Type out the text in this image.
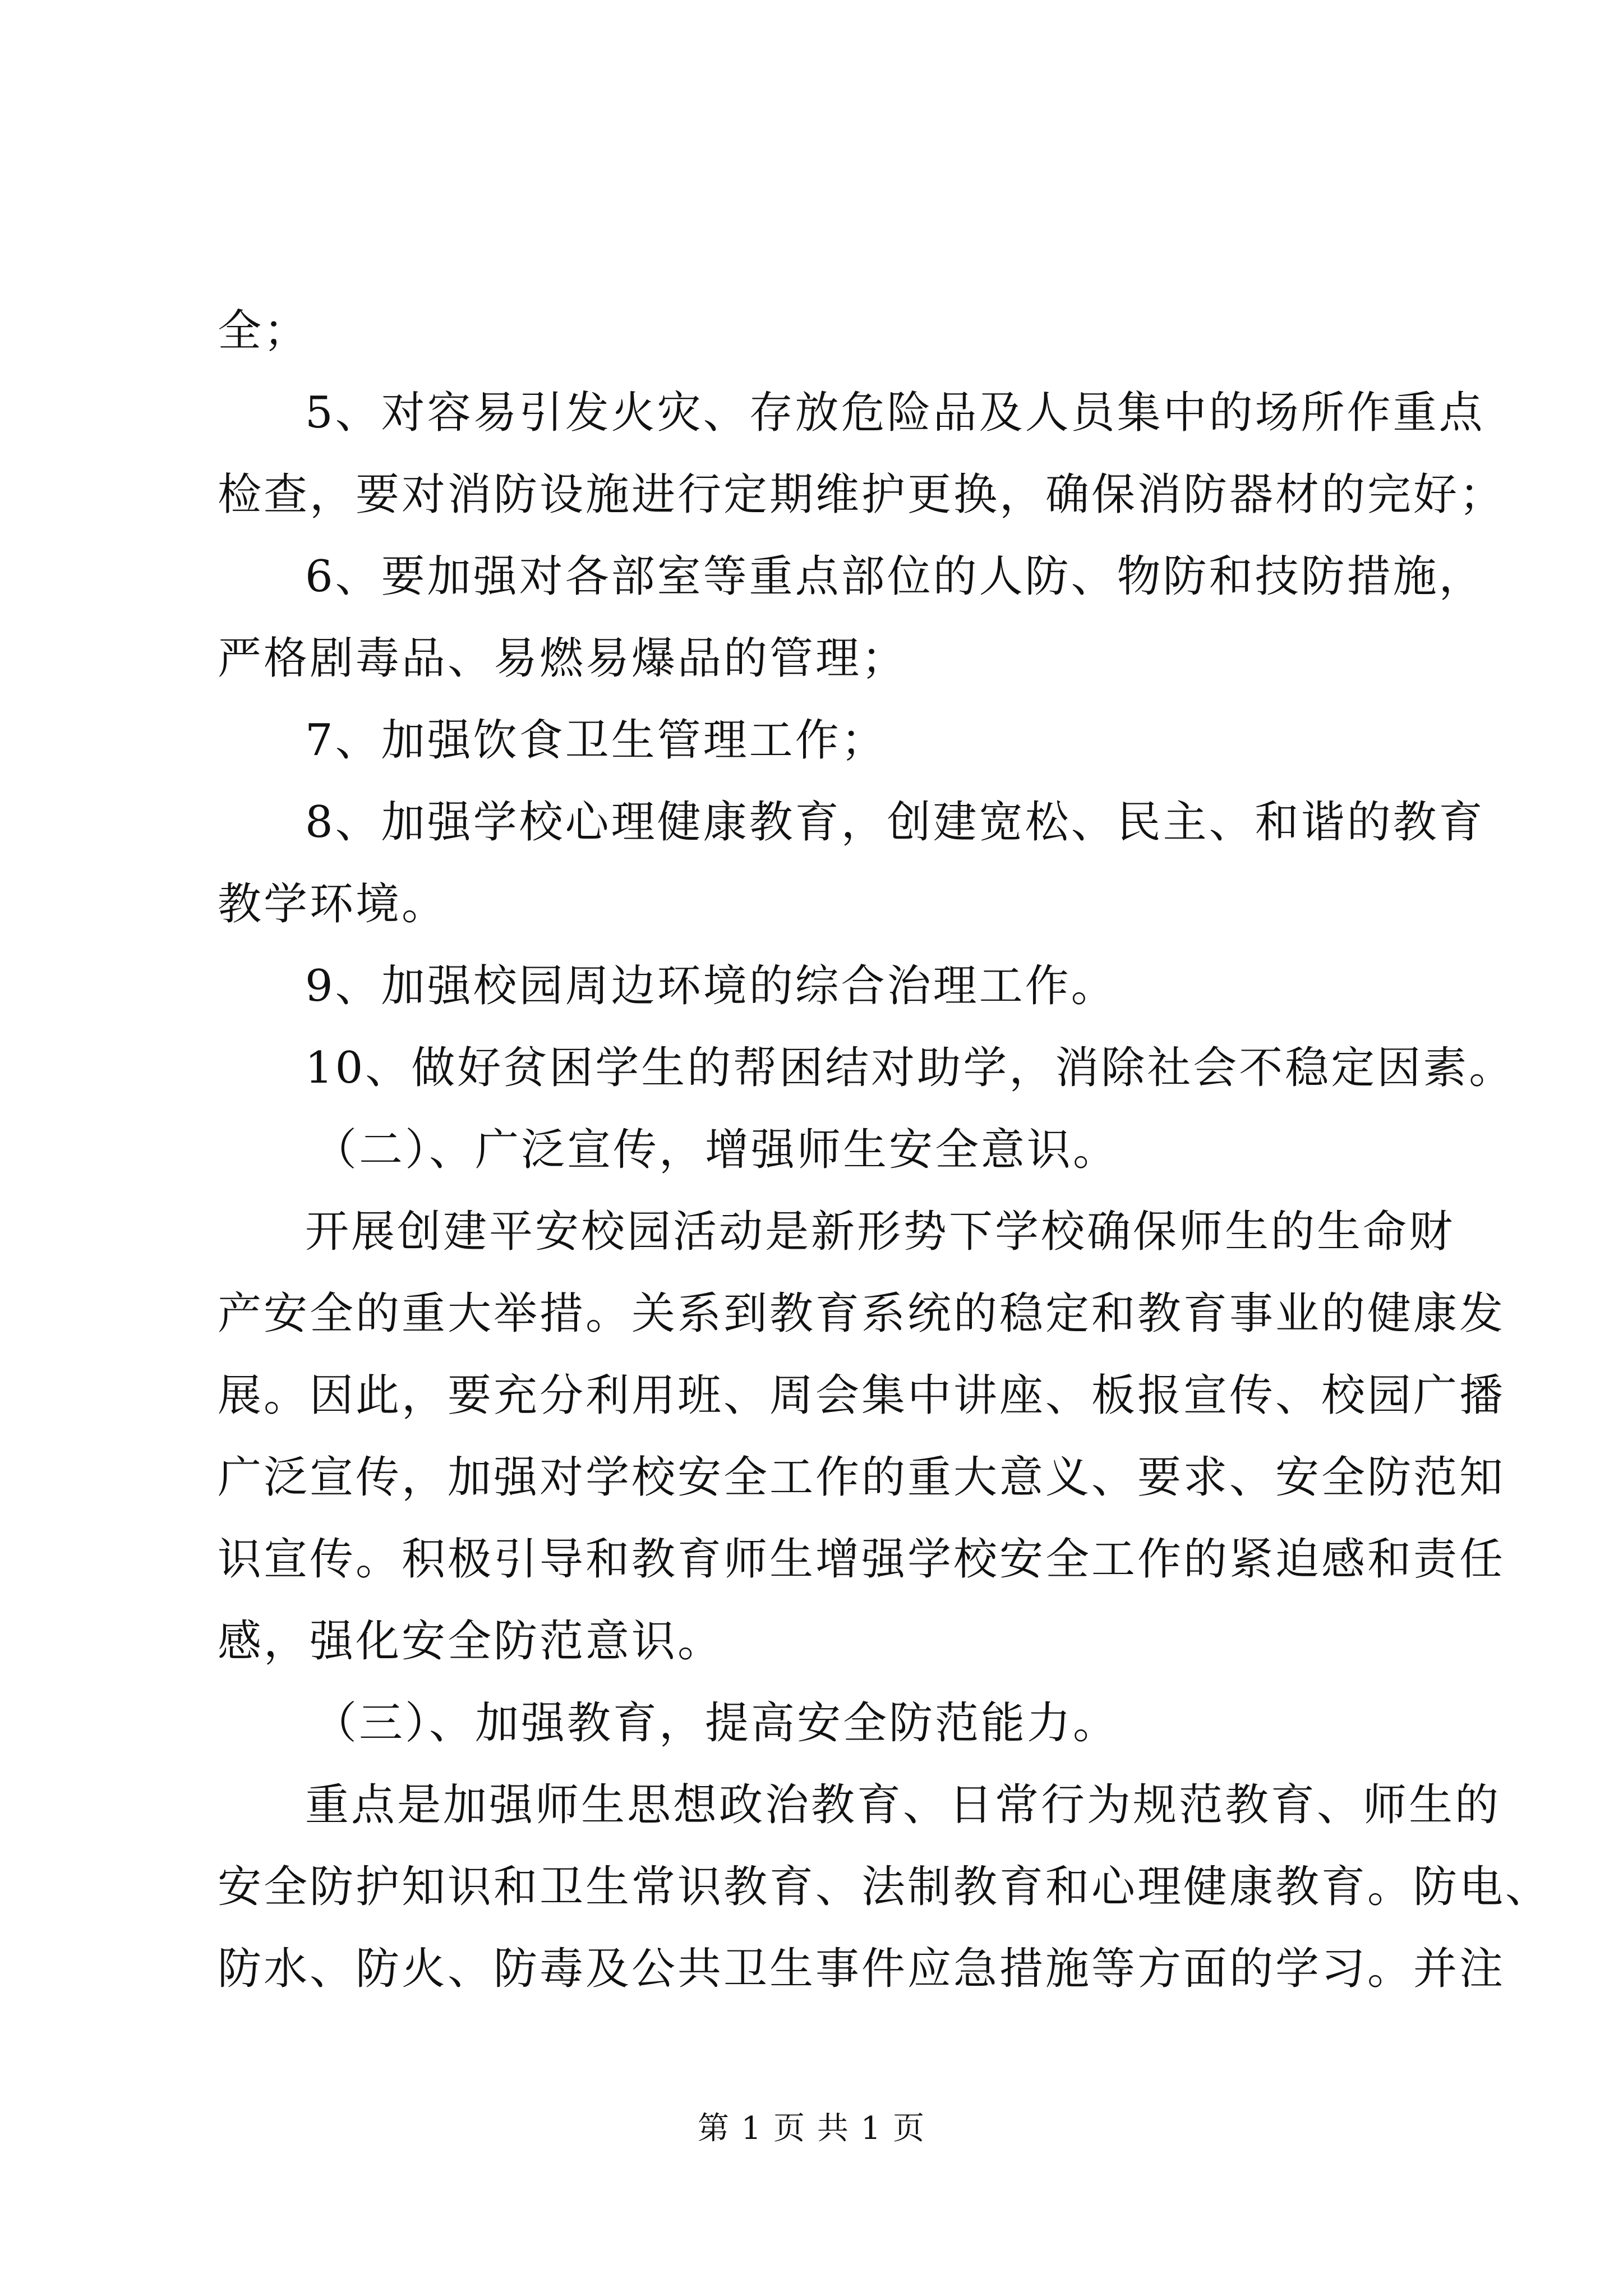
全；
5、对容易引发火灾、存放危险品及人员集中的场所作重点
检查，要对消防设施进行定期维护更换，确保消防器材的完好；
6、要加强对各部室等重点部位的人防、物防和技防措施，
严格剧毒品、易燃易爆品的管理；
7、加强饮食卫生管理工作；
8、加强学校心理健康教育，创建宽松、民主、和谐的教育
教学环境。
9、加强校园周边环境的综合治理工作。
10、做好贫困学生的帮困结对助学，消除社会不稳定因素。
（二）、广泛宣传，增强师生安全意识。
开展创建平安校园活动是新形势下学校确保师生的生命财
产安全的重大举措。关系到教育系统的稳定和教育事业的健康发
展。因此，要充分利用班、周会集中讲座、板报宣传、校园广播
广泛宣传，加强对学校安全工作的重大意义、要求、安全防范知
识宣传。积极引导和教育师生增强学校安全工作的紧迫感和责任
感，强化安全防范意识。
（三）、加强教育，提高安全防范能力。
重点是加强师生思想政治教育、日常行为规范教育、师生的
安全防护知识和卫生常识教育、法制教育和心理健康教育。防电、
防水、防火、防毒及公共卫生事件应急措施等方面的学习。并注
第 1 页 共 1 页
